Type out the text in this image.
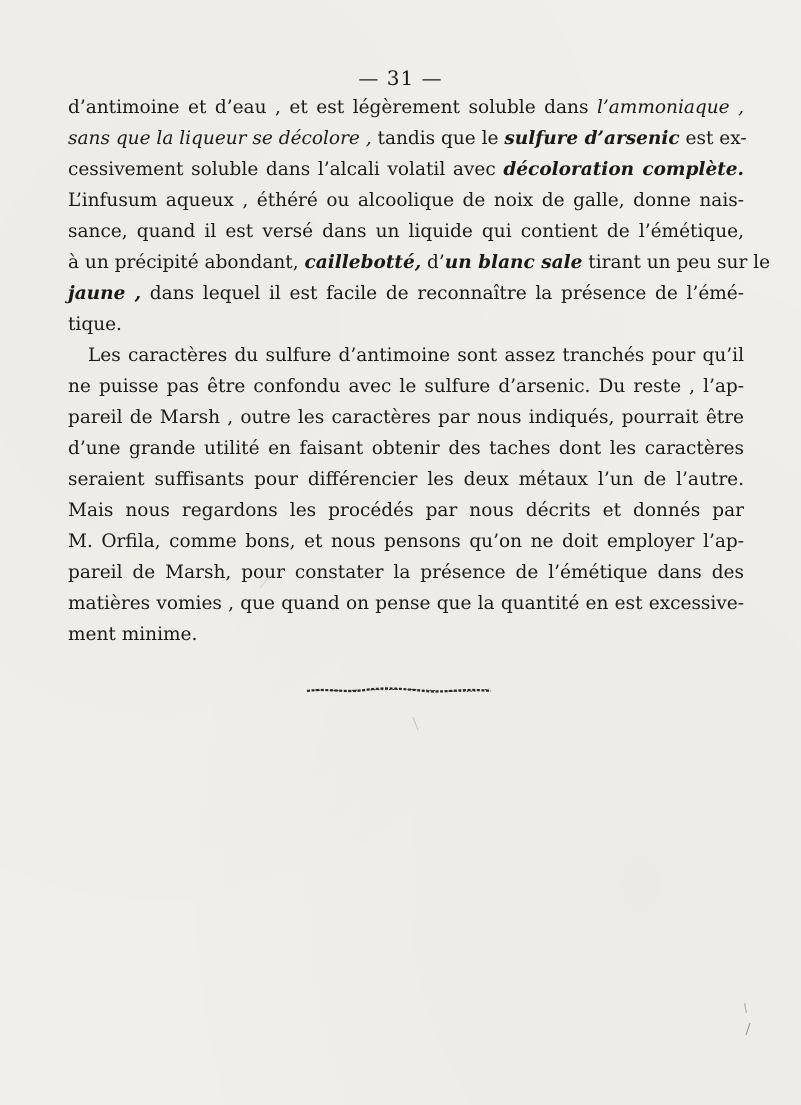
— 31 —
d’antimoine et d’eau , et est légèrement soluble dans l’ammoniaque ,
sans que la liqueur se décolore , tandis que le sulfure d’arsenic est ex-
cessivement soluble dans l’alcali volatil avec décoloration complète.
L’infusum aqueux , éthéré ou alcoolique de noix de galle, donne nais-
sance, quand il est versé dans un liquide qui contient de l’émétique,
à un précipité abondant, caillebotté, d’un blanc sale tirant un peu sur le
jaune , dans lequel il est facile de reconnaître la présence de l’émé-
tique.
Les caractères du sulfure d’antimoine sont assez tranchés pour qu’il
ne puisse pas être confondu avec le sulfure d’arsenic. Du reste , l’ap-
pareil de Marsh , outre les caractères par nous indiqués, pourrait être
d’une grande utilité en faisant obtenir des taches dont les caractères
seraient suffisants pour différencier les deux métaux l’un de l’autre.
Mais nous regardons les procédés par nous décrits et donnés par
M. Orfila, comme bons, et nous pensons qu’on ne doit employer l’ap-
pareil de Marsh, pour constater la présence de l’émétique dans des
matières vomies , que quand on pense que la quantité en est excessive-
ment minime.
